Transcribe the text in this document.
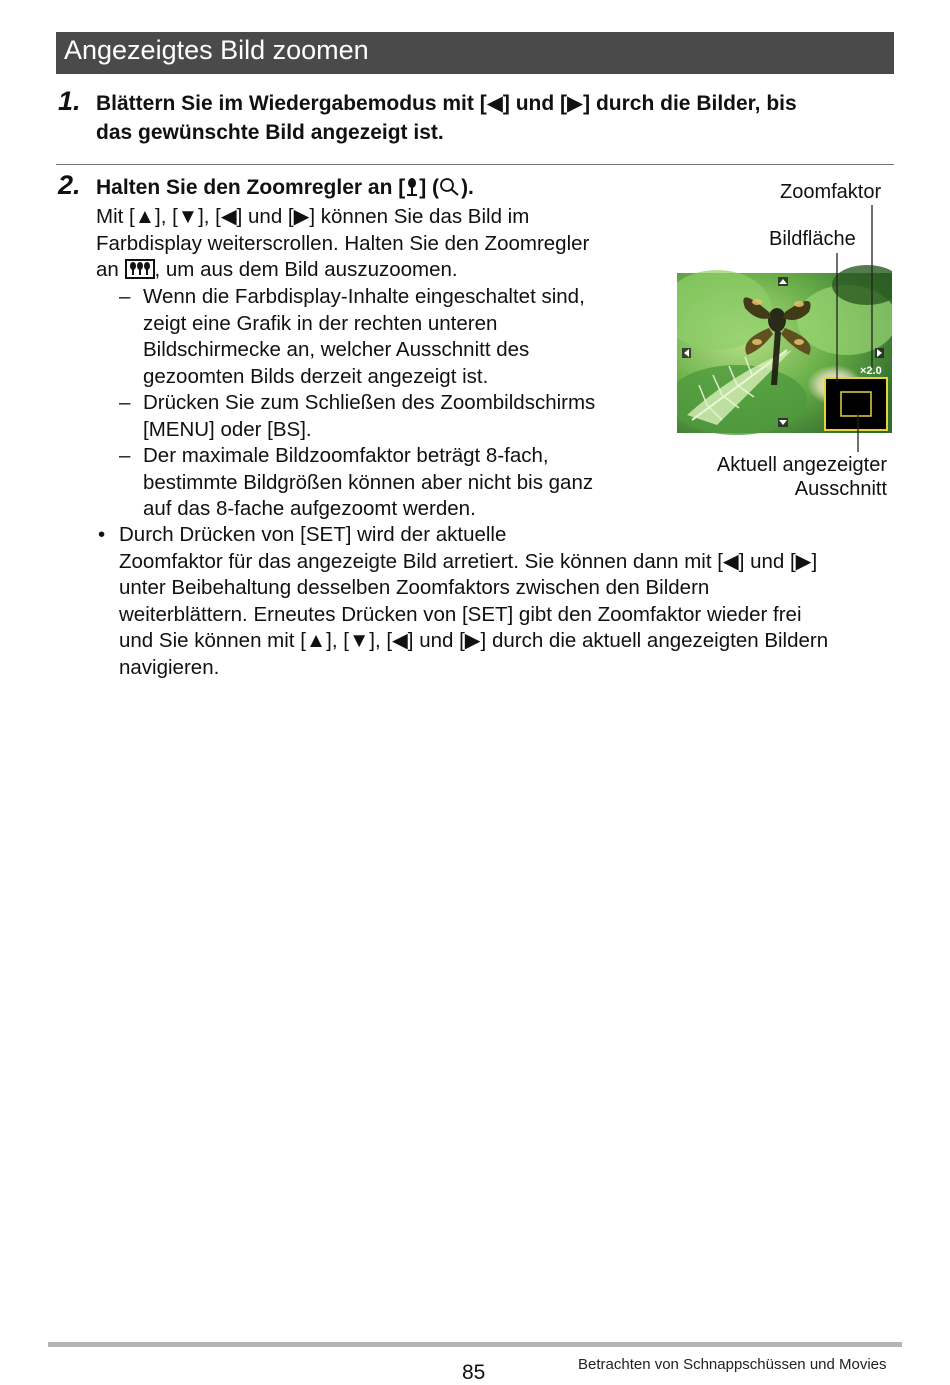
Angezeigtes Bild zoomen
1. Blättern Sie im Wiedergabemodus mit [◀] und [▶] durch die Bilder, bis
das gewünschte Bild angezeigt ist.
2. Halten Sie den Zoomregler an [ ] ( ).
Mit [▲], [▼], [◀] und [▶] können Sie das Bild im
Farbdisplay weiterscrollen. Halten Sie den Zoomregler
an , um aus dem Bild auszuzoomen.
– Wenn die Farbdisplay-Inhalte eingeschaltet sind,
zeigt eine Grafik in der rechten unteren
Bildschirmecke an, welcher Ausschnitt des
gezoomten Bilds derzeit angezeigt ist.
– Drücken Sie zum Schließen des Zoombildschirms
[MENU] oder [BS].
– Der maximale Bildzoomfaktor beträgt 8-fach,
bestimmte Bildgrößen können aber nicht bis ganz
auf das 8-fache aufgezoomt werden.
• Durch Drücken von [SET] wird der aktuelle
Zoomfaktor für das angezeigte Bild arretiert. Sie können dann mit [◀] und [▶]
unter Beibehaltung desselben Zoomfaktors zwischen den Bildern
weiterblättern. Erneutes Drücken von [SET] gibt den Zoomfaktor wieder frei
und Sie können mit [▲], [▼], [◀] und [▶] durch die aktuell angezeigten Bildern
navigieren.
Zoomfaktor
Bildfläche
Aktuell angezeigter
Ausschnitt
×2.0
85	Betrachten von Schnappschüssen und Movies
